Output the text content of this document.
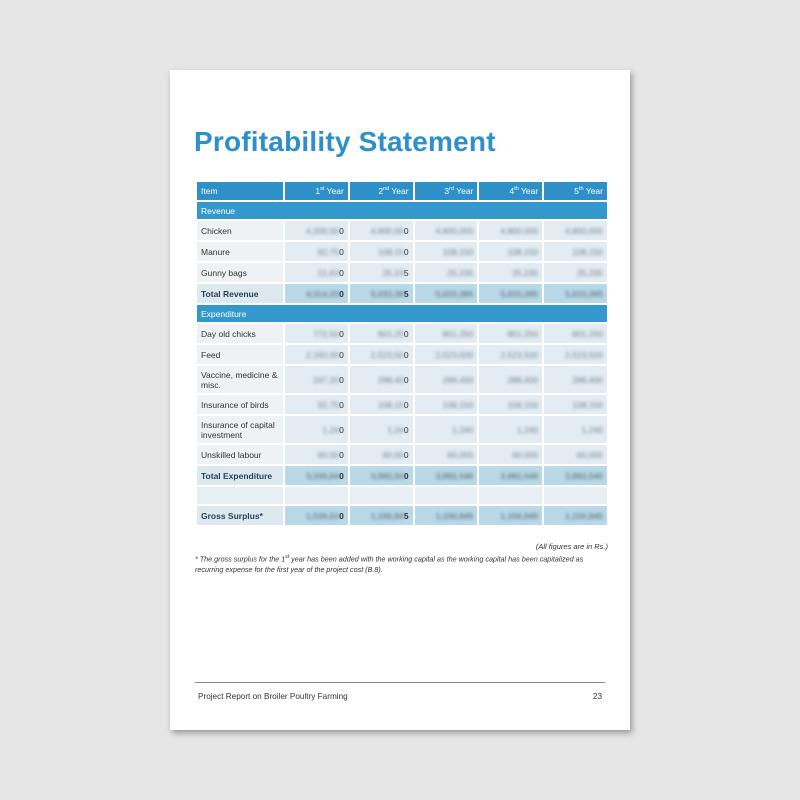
Profitability Statement
Item	1st Year	2nd Year	3rd Year	4th Year	5th Year
Revenue					
Chicken	4,200,000	4,800,000	4,800,000	4,800,000	4,800,000
Manure	92,750	108,150	108,150	108,150	108,150
Gunny bags	21,630	25,235	25,235	25,235	25,235
Total Revenue	4,314,330	5,033,385	5,033,385	5,033,385	5,033,385
Expenditure					
Day old chicks	772,500	801,250	801,250	801,250	801,250
Feed	2,160,000	2,523,500	2,523,500	2,523,500	2,523,500
Vaccine, medicine & misc.	247,200	288,400	288,400	288,400	288,400
Insurance of birds	92,750	108,150	108,150	108,150	108,150
Insurance of capital investment	1,240	1,240	1,240	1,240	1,240
Unskilled labour	60,000	60,000	60,000	60,000	60,000
Total Expenditure	3,336,640	3,882,540	3,882,540	3,882,540	3,882,540

Gross Surplus*	1,536,630	1,150,845	1,150,845	1,150,845	1,150,845
(All figures are in Rs.)
* The gross surplus for the 1st year has been added with the working capital as the working capital has been capitalized as recurring expense for the first year of the project cost (B.8).
Project Report on Broiler Poultry Farming	23
